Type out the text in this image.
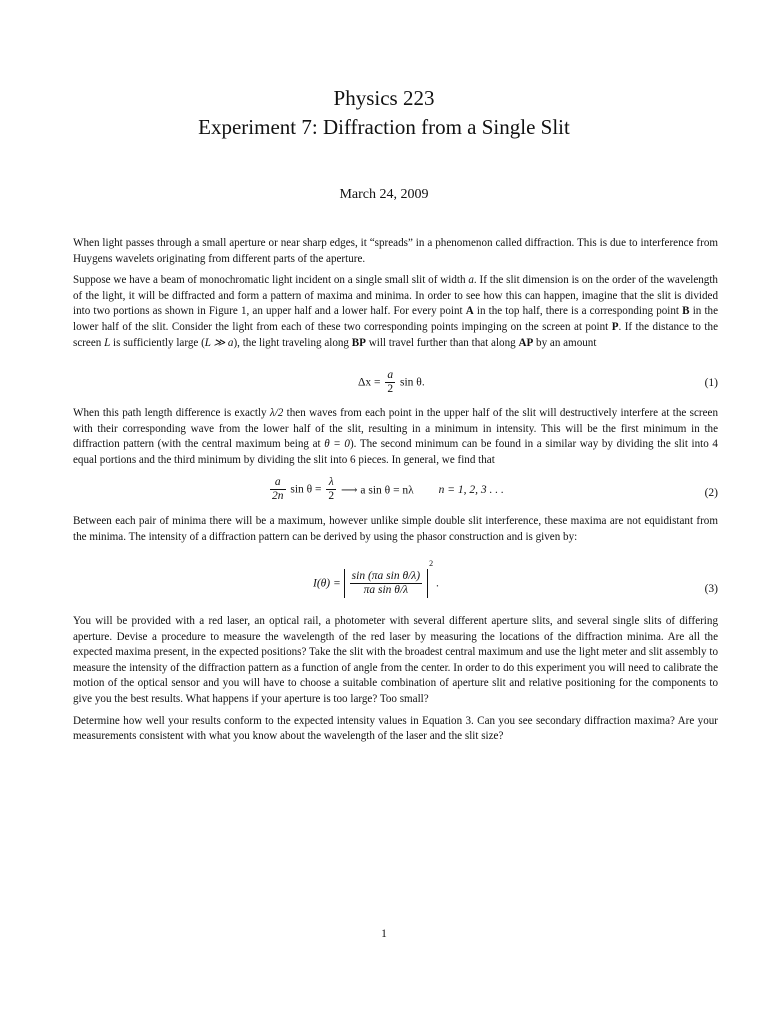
Physics 223
Experiment 7: Diffraction from a Single Slit
March 24, 2009

When light passes through a small aperture or near sharp edges, it “spreads” in a phenomenon called diffraction. This is due to interference from Huygens wavelets originating from different parts of the aperture.

Suppose we have a beam of monochromatic light incident on a single small slit of width a. If the slit dimension is on the order of the wavelength of the light, it will be diffracted and form a pattern of maxima and minima. In order to see how this can happen, imagine that the slit is divided into two portions as shown in Figure 1, an upper half and a lower half. For every point A in the top half, there is a corresponding point B in the lower half of the slit. Consider the light from each of these two corresponding points impinging on the screen at point P. If the distance to the screen L is sufficiently large (L ≫ a), the light traveling along BP will travel further than that along AP by an amount

$\Delta x = \frac{a}{2}$ sin θ.	(1)

When this path length difference is exactly λ/2 then waves from each point in the upper half of the slit will destructively interfere at the screen with their corresponding wave from the lower half of the slit, resulting in a minimum in intensity. This will be the first minimum in the diffraction pattern (with the central maximum being at θ = 0). The second minimum can be found in a similar way by dividing the slit into 4 equal portions and the third minimum by dividing the slit into 6 pieces. In general, we find that

$\frac{a}{2n}$ $\sin \theta = \frac{\lambda}{2}$ ⟶ a sin θ = nλ n = 1, 2, 3 . . .	(2)

Between each pair of minima there will be a maximum, however unlike simple double slit interference, these maxima are not equidistant from the minima. The intensity of a diffraction pattern can be derived by using the phasor construction and is given by:

$I(\theta) = \frac{\text{sin (πa sin θ/λ)}}{\text{πa sin θ/λ}}$
$^2$ .	(3)

You will be provided with a red laser, an optical rail, a photometer with several different aperture slits, and several single slits of differing aperture. Devise a procedure to measure the wavelength of the red laser by measuring the locations of the diffraction minima. Are all the expected maxima present, in the expected positions? Take the slit with the broadest central maximum and use the light meter and slit assembly to measure the intensity of the diffraction pattern as a function of angle from the center. In order to do this experiment you will need to calibrate the motion of the optical sensor and you will have to choose a suitable combination of aperture slit and relative positioning for the components to give you the best results. What happens if your aperture is too large? Too small?

Determine how well your results conform to the expected intensity values in Equation 3. Can you see secondary diffraction maxima? Are your measurements consistent with what you know about the wavelength of the laser and the slit size?

1
